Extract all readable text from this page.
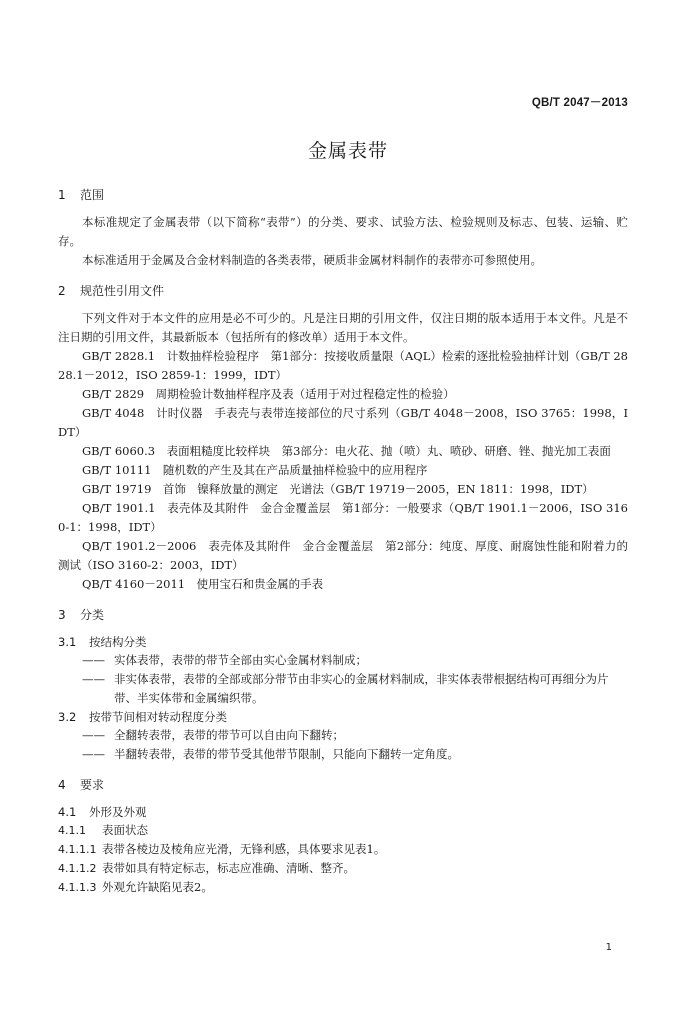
QB/T 2047－2013
金属表带
1 范围

本标准规定了金属表带（以下简称“表带”）的分类、要求、试验方法、检验规则及标志、包装、运输、贮存。

本标准适用于金属及合金材料制造的各类表带，硬质非金属材料制作的表带亦可参照使用。

2 规范性引用文件

下列文件对于本文件的应用是必不可少的。凡是注日期的引用文件，仅注日期的版本适用于本文件。凡是不注日期的引用文件，其最新版本（包括所有的修改单）适用于本文件。

GB/T 2828.1　计数抽样检验程序　第1部分：按接收质量限（AQL）检索的逐批检验抽样计划（GB/T 2828.1－2012，ISO 2859-1：1999，IDT）

GB/T 2829　周期检验计数抽样程序及表（适用于对过程稳定性的检验）

GB/T 4048　计时仪器　手表壳与表带连接部位的尺寸系列（GB/T 4048－2008，ISO 3765：1998，IDT）

GB/T 6060.3　表面粗糙度比较样块　第3部分：电火花、抛（喷）丸、喷砂、研磨、锉、抛光加工表面

GB/T 10111　随机数的产生及其在产品质量抽样检验中的应用程序

GB/T 19719　首饰　镍释放量的测定　光谱法（GB/T 19719－2005，EN 1811：1998，IDT）

QB/T 1901.1　表壳体及其附件　金合金覆盖层　第1部分：一般要求（QB/T 1901.1－2006，ISO 3160-1：1998，IDT）

QB/T 1901.2－2006　表壳体及其附件　金合金覆盖层　第2部分：纯度、厚度、耐腐蚀性能和附着力的测试（ISO 3160-2：2003，IDT）

QB/T 4160－2011　使用宝石和贵金属的手表

3 分类
3.1 按结构分类

—— 实体表带，表带的带节全部由实心金属材料制成；

—— 非实体表带，表带的全部或部分带节由非实心的金属材料制成，非实体表带根据结构可再细分为片带、半实体带和金属编织带。

3.2 按带节间相对转动程度分类

—— 全翻转表带，表带的带节可以自由向下翻转；

—— 半翻转表带，表带的带节受其他带节限制，只能向下翻转一定角度。

4 要求
4.1 外形及外观
4.1.1 表面状态
4.1.1.1 表带各棱边及棱角应光滑，无锋利感，具体要求见表1。
4.1.1.2 表带如具有特定标志，标志应准确、清晰、整齐。
4.1.1.3 外观允许缺陷见表2。
1
